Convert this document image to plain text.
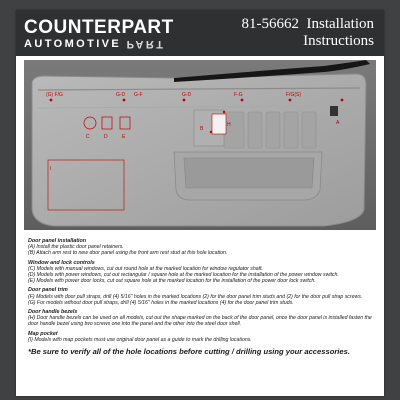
COUNTERPART
AUTOMOTIVE PART
81-56662 Installation
Instructions
(G) F/G	G-D G-F	G-D	F-G	F/G(S)
C	D	E
A
B
H
I
Door panel installation

(A) Install the plastic door panel retainers.

(B) Attach arm rest to new door panel using the front arm rest stud at this hole location.

Window and lock controls

(C) Models with manual windows, cut out round hole at the marked location for window regulator shaft.

(D) Models with power windows, cut out rectangular / square hole at the marked location for the installation of the power window switch.

(E) Models with power door locks, cut out square hole at the marked location for the installation of the power door lock switch.

Door panel trim

(F) Models with door pull straps, drill (4) 5/16" holes in the marked locations (2) for the door panel trim studs and (2) for the door pull strap screws.

(G) For models without door pull straps, drill (4) 5/16" holes in the marked locations (4) for the door panel trim studs.

Door handle bezels

(H) Door handle bezels can be used on all models, cut out the shape marked on the back of the door panel, once the door panel is installed fasten the door handle bezel using two screws one into the panel and the other into the steel door shell.

Map pocket

(I) Models with map pockets must use original door panel as a guide to mark the drilling locations.

*Be sure to verify all of the hole locations before cutting / drilling using your accessories.
